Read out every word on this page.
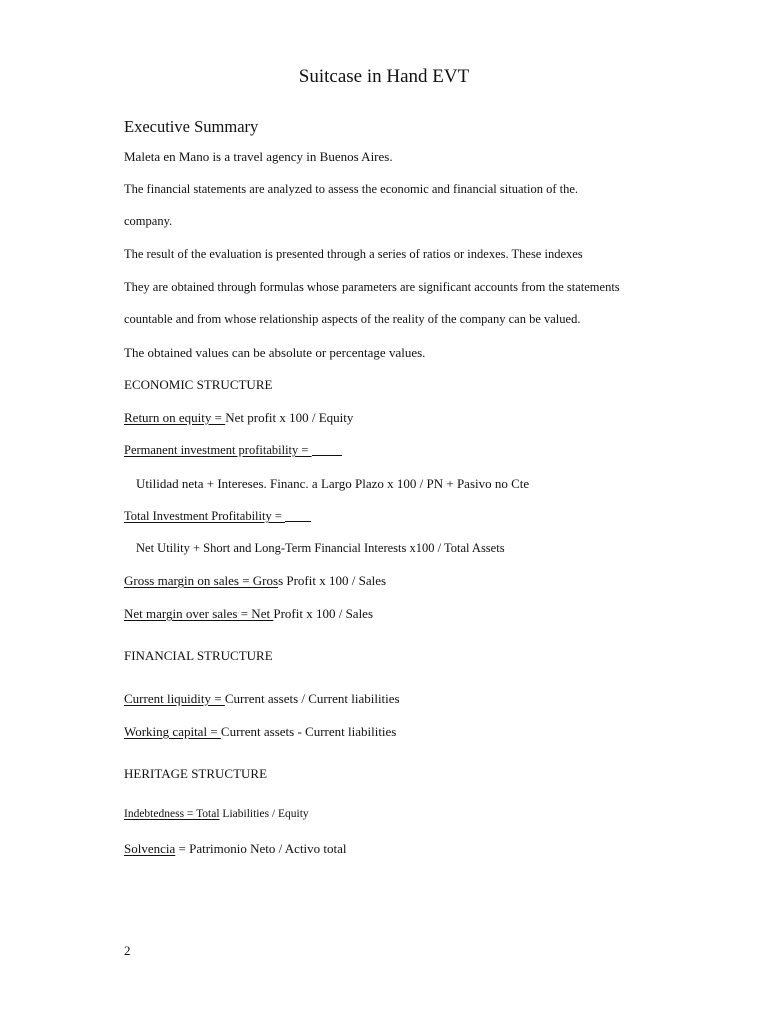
Suitcase in Hand EVT
Executive Summary
Maleta en Mano is a travel agency in Buenos Aires.
The financial statements are analyzed to assess the economic and financial situation of the.
company.
The result of the evaluation is presented through a series of ratios or indexes. These indexes
They are obtained through formulas whose parameters are significant accounts from the statements
countable and from whose relationship aspects of the reality of the company can be valued.
The obtained values can be absolute or percentage values.
ECONOMIC STRUCTURE
Return on equity = Net profit x 100 / Equity
Permanent investment profitability =
Utilidad neta + Intereses. Financ. a Largo Plazo x 100 / PN + Pasivo no Cte
Total Investment Profitability =
Net Utility + Short and Long-Term Financial Interests x100 / Total Assets
Gross margin on sales = Gross Profit x 100 / Sales
Net margin over sales = Net Profit x 100 / Sales
FINANCIAL STRUCTURE
Current liquidity = Current assets / Current liabilities
Working capital = Current assets - Current liabilities
HERITAGE STRUCTURE
Indebtedness = Total Liabilities / Equity
Solvencia = Patrimonio Neto / Activo total
2
